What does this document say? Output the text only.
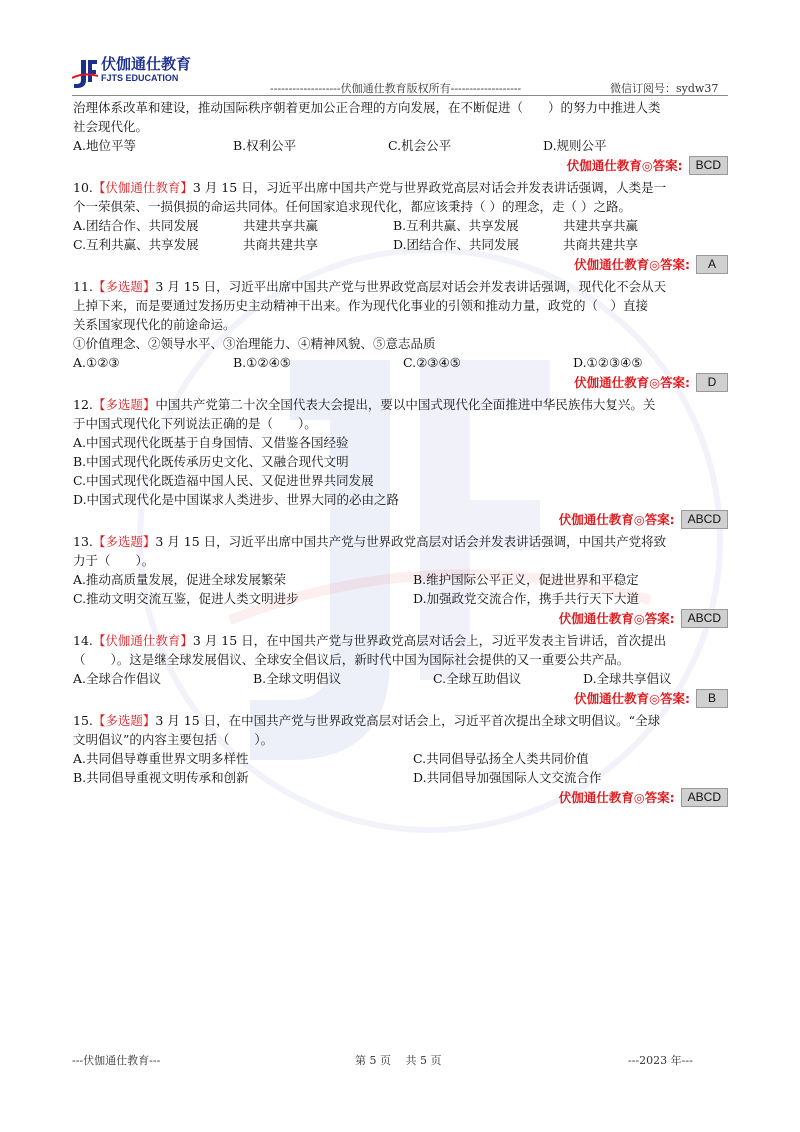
伏伽通仕教育
FJTS EDUCATION
-------------------伏伽通仕教育版权所有-------------------	微信订阅号：sydw37
治理体系改革和建设，推动国际秩序朝着更加公正合理的方向发展，在不断促进（　　）的努力中推进人类
社会现代化。
A.地位平等	B.权利公平	C.机会公平	D.规则公平
伏伽通仕教育◎答案:	BCD
10.【伏伽通仕教育】3 月 15 日，习近平出席中国共产党与世界政党高层对话会并发表讲话强调，人类是一
个一荣俱荣、一损俱损的命运共同体。任何国家追求现代化，都应该秉持（ ）的理念，走（ ）之路。
A.团结合作、共同发展	共建共享共赢	B.互利共赢、共享发展	共建共享共赢
C.互利共赢、共享发展	共商共建共享	D.团结合作、共同发展	共商共建共享
伏伽通仕教育◎答案:	A
11.【多选题】3 月 15 日，习近平出席中国共产党与世界政党高层对话会并发表讲话强调，现代化不会从天
上掉下来，而是要通过发扬历史主动精神干出来。作为现代化事业的引领和推动力量，政党的（　）直接
关系国家现代化的前途命运。
①价值理念、②领导水平、③治理能力、④精神风貌、⑤意志品质
A.①②③	B.①②④⑤	C.②③④⑤	D.①②③④⑤
伏伽通仕教育◎答案:	D
12.【多选题】中国共产党第二十次全国代表大会提出，要以中国式现代化全面推进中华民族伟大复兴。关
于中国式现代化下列说法正确的是（　　）。
A.中国式现代化既基于自身国情、又借鉴各国经验
B.中国式现代化既传承历史文化、又融合现代文明
C.中国式现代化既造福中国人民、又促进世界共同发展
D.中国式现代化是中国谋求人类进步、世界大同的必由之路
伏伽通仕教育◎答案:	ABCD
13.【多选题】3 月 15 日，习近平出席中国共产党与世界政党高层对话会并发表讲话强调，中国共产党将致
力于（　　）。
A.推动高质量发展，促进全球发展繁荣	B.维护国际公平正义，促进世界和平稳定
C.推动文明交流互鉴，促进人类文明进步	D.加强政党交流合作，携手共行天下大道
伏伽通仕教育◎答案:	ABCD
14.【伏伽通仕教育】3 月 15 日，在中国共产党与世界政党高层对话会上，习近平发表主旨讲话，首次提出
（　　）。这是继全球发展倡议、全球安全倡议后，新时代中国为国际社会提供的又一重要公共产品。
A.全球合作倡议	B.全球文明倡议	C.全球互助倡议	D.全球共享倡议
伏伽通仕教育◎答案:	B
15.【多选题】3 月 15 日，在中国共产党与世界政党高层对话会上，习近平首次提出全球文明倡议。“全球
文明倡议”的内容主要包括（　　）。
A.共同倡导尊重世界文明多样性	C.共同倡导弘扬全人类共同价值
B.共同倡导重视文明传承和创新	D.共同倡导加强国际人文交流合作
伏伽通仕教育◎答案:	ABCD
---伏伽通仕教育---	第 5 页　 共 5 页	---2023 年---
